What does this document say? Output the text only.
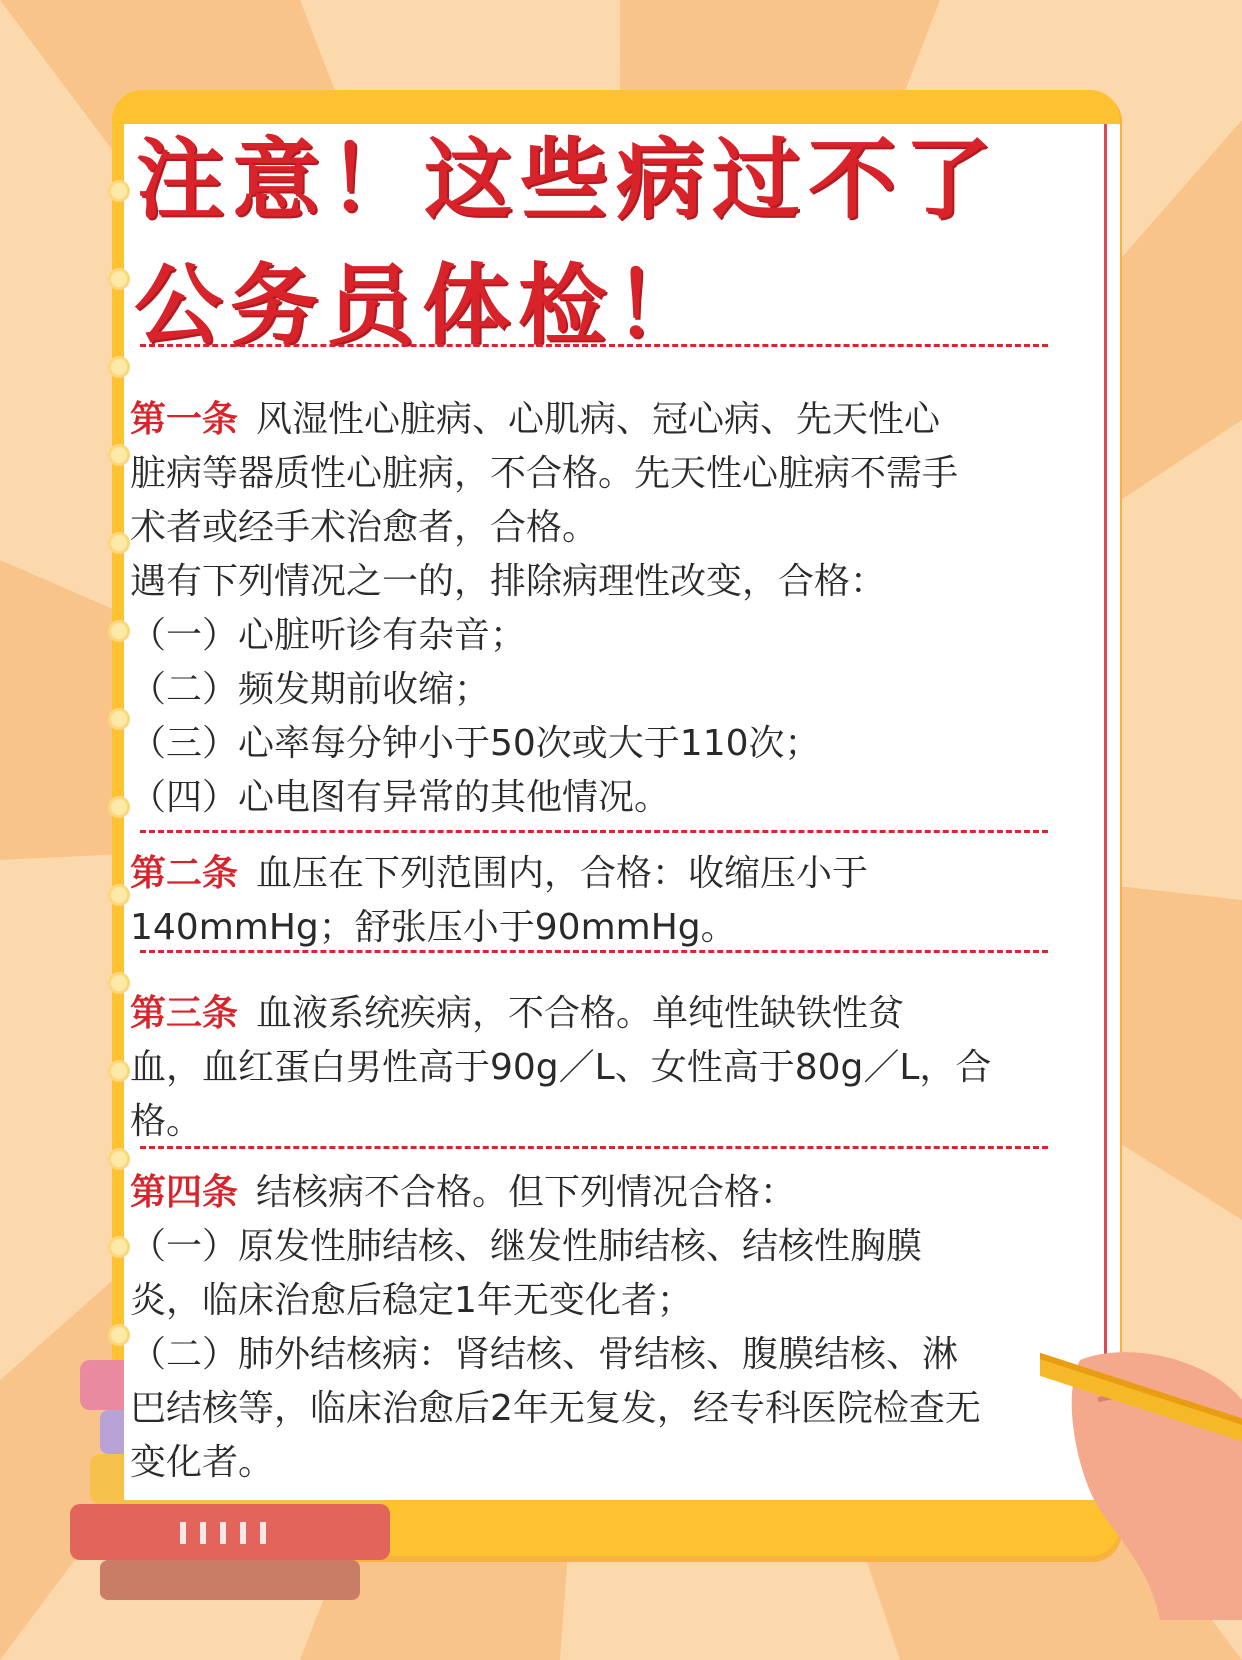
注意！这些病过不了
公务员体检！

第一条 风湿性心脏病、心肌病、冠心病、先天性心

脏病等器质性心脏病，不合格。先天性心脏病不需手

术者或经手术治愈者，合格。

遇有下列情况之一的，排除病理性改变，合格：

（一）心脏听诊有杂音；

（二）频发期前收缩；

（三）心率每分钟小于50次或大于110次；

（四）心电图有异常的其他情况。

第二条 血压在下列范围内，合格：收缩压小于

140mmHg；舒张压小于90mmHg。

第三条 血液系统疾病，不合格。单纯性缺铁性贫

血，血红蛋白男性高于90g／L、女性高于80g／L，合

格。

第四条 结核病不合格。但下列情况合格：

（一）原发性肺结核、继发性肺结核、结核性胸膜

炎，临床治愈后稳定1年无变化者；

（二）肺外结核病：肾结核、骨结核、腹膜结核、淋

巴结核等，临床治愈后2年无复发，经专科医院检查无

变化者。
